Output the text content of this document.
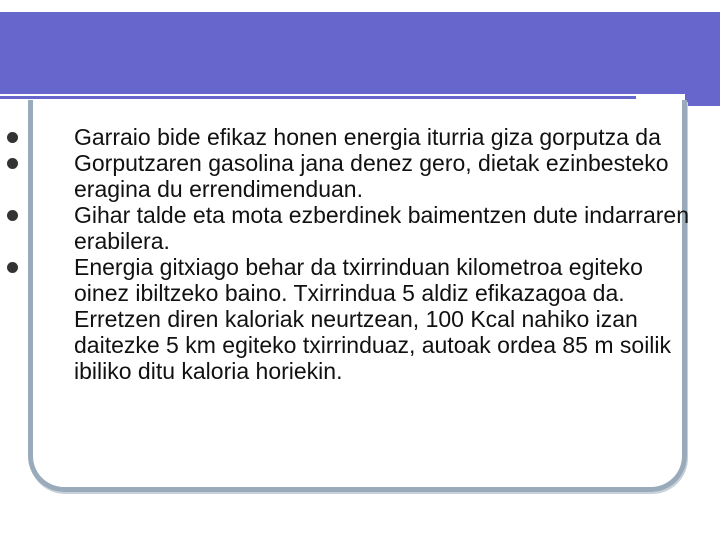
Garraio bide efikaz honen energia iturria giza gorputza da
Gorputzaren gasolina jana denez gero, dietak ezinbesteko eragina du errendimenduan.
Gihar talde eta mota ezberdinek baimentzen dute indarraren erabilera.
Energia gitxiago behar da txirrinduan kilometroa egiteko oinez ibiltzeko baino. Txirrindua 5 aldiz efikazagoa da. Erretzen diren kaloriak neurtzean, 100 Kcal nahiko izan daitezke 5 km egiteko txirrinduaz, autoak ordea 85 m soilik ibiliko ditu kaloria horiekin.
